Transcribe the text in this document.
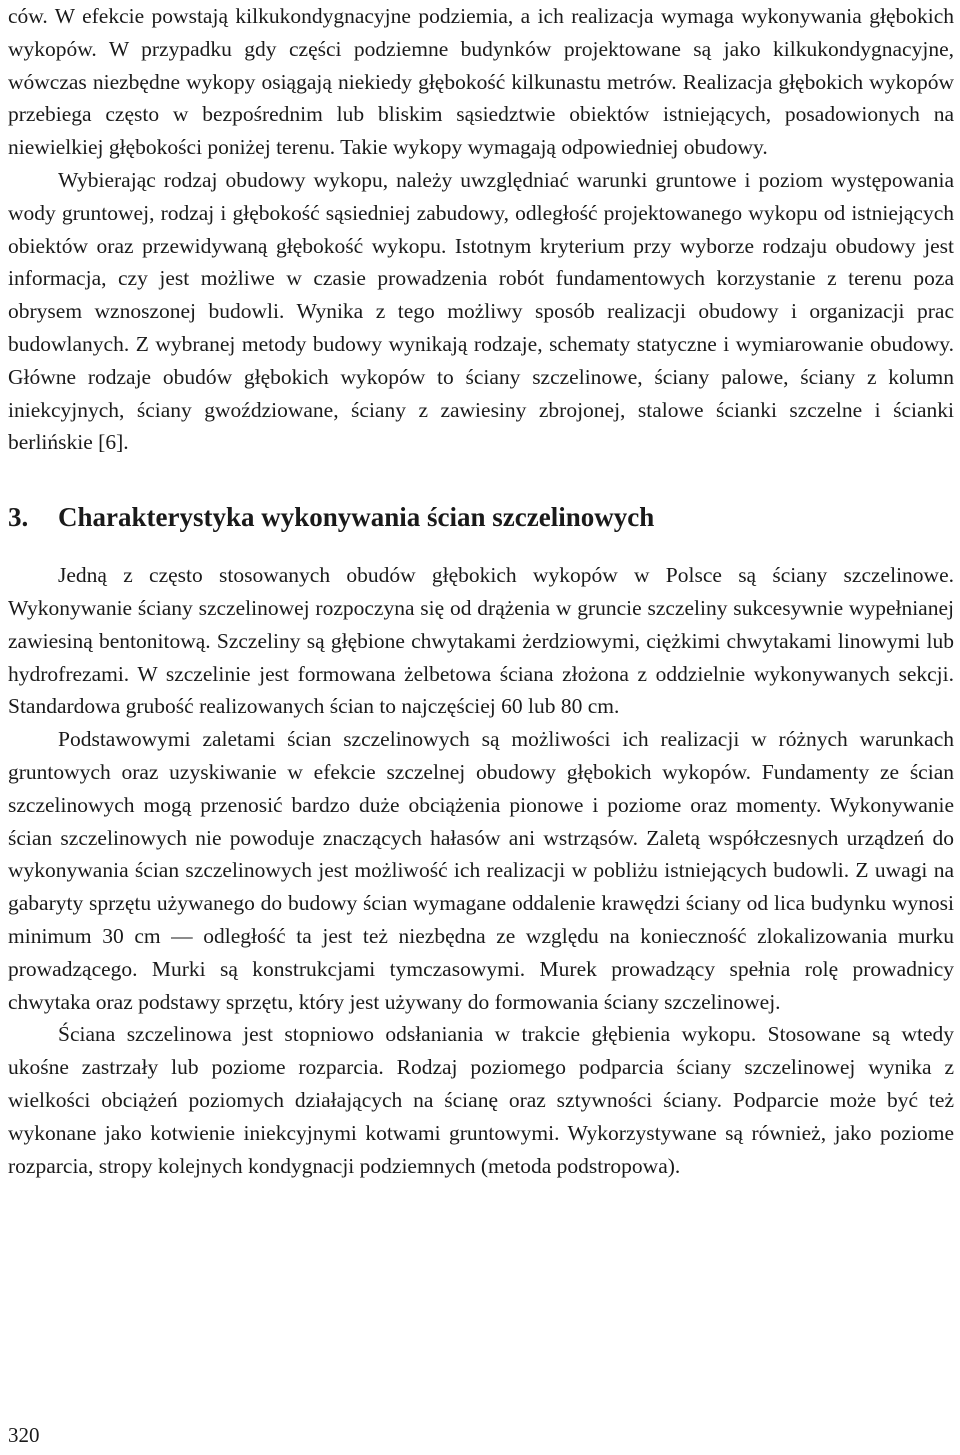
ców. W efekcie powstają kilkukondygnacyjne podziemia, a ich realizacja wymaga wykonywania głębokich wykopów. W przypadku gdy części podziemne budynków projektowane są jako kilkukondygnacyjne, wówczas niezbędne wykopy osiągają niekiedy głębokość kilkunastu metrów. Realizacja głębokich wykopów przebiega często w bezpośrednim lub bliskim sąsiedztwie obiektów istniejących, posadowionych na niewielkiej głębokości poniżej terenu. Takie wykopy wymagają odpowiedniej obudowy.

Wybierając rodzaj obudowy wykopu, należy uwzględniać warunki gruntowe i poziom występowania wody gruntowej, rodzaj i głębokość sąsiedniej zabudowy, odległość projektowanego wykopu od istniejących obiektów oraz przewidywaną głębokość wykopu. Istotnym kryterium przy wyborze rodzaju obudowy jest informacja, czy jest możliwe w czasie prowadzenia robót fundamentowych korzystanie z terenu poza obrysem wznoszonej budowli. Wynika z tego możliwy sposób realizacji obudowy i organizacji prac budowlanych. Z wybranej metody budowy wynikają rodzaje, schematy statyczne i wymiarowanie obudowy. Główne rodzaje obudów głębokich wykopów to ściany szczelinowe, ściany palowe, ściany z kolumn iniekcyjnych, ściany gwoździowane, ściany z zawiesiny zbrojonej, stalowe ścianki szczelne i ścianki berlińskie [6].

3.	Charakterystyka wykonywania ścian szczelinowych

Jedną z często stosowanych obudów głębokich wykopów w Polsce są ściany szczelinowe. Wykonywanie ściany szczelinowej rozpoczyna się od drążenia w gruncie szczeliny sukcesywnie wypełnianej zawiesiną bentonitową. Szczeliny są głębione chwytakami żerdziowymi, ciężkimi chwytakami linowymi lub hydrofrezami. W szczelinie jest formowana żelbetowa ściana złożona z oddzielnie wykonywanych sekcji. Standardowa grubość realizowanych ścian to najczęściej 60 lub 80 cm.

Podstawowymi zaletami ścian szczelinowych są możliwości ich realizacji w różnych warunkach gruntowych oraz uzyskiwanie w efekcie szczelnej obudowy głębokich wykopów. Fundamenty ze ścian szczelinowych mogą przenosić bardzo duże obciążenia pionowe i poziome oraz momenty. Wykonywanie ścian szczelinowych nie powoduje znaczących hałasów ani wstrząsów. Zaletą współczesnych urządzeń do wykonywania ścian szczelinowych jest możliwość ich realizacji w pobliżu istniejących budowli. Z uwagi na gabaryty sprzętu używanego do budowy ścian wymagane oddalenie krawędzi ściany od lica budynku wynosi minimum 30 cm — odległość ta jest też niezbędna ze względu na konieczność zlokalizowania murku prowadzącego. Murki są konstrukcjami tymczasowymi. Murek prowadzący spełnia rolę prowadnicy chwytaka oraz podstawy sprzętu, który jest używany do formowania ściany szczelinowej.

Ściana szczelinowa jest stopniowo odsłaniania w trakcie głębienia wykopu. Stosowane są wtedy ukośne zastrzały lub poziome rozparcia. Rodzaj poziomego podparcia ściany szczelinowej wynika z wielkości obciążeń poziomych działających na ścianę oraz sztywności ściany. Podparcie może być też wykonane jako kotwienie iniekcyjnymi kotwami gruntowymi. Wykorzystywane są również, jako poziome rozparcia, stropy kolejnych kondygnacji podziemnych (metoda podstropowa).

320
